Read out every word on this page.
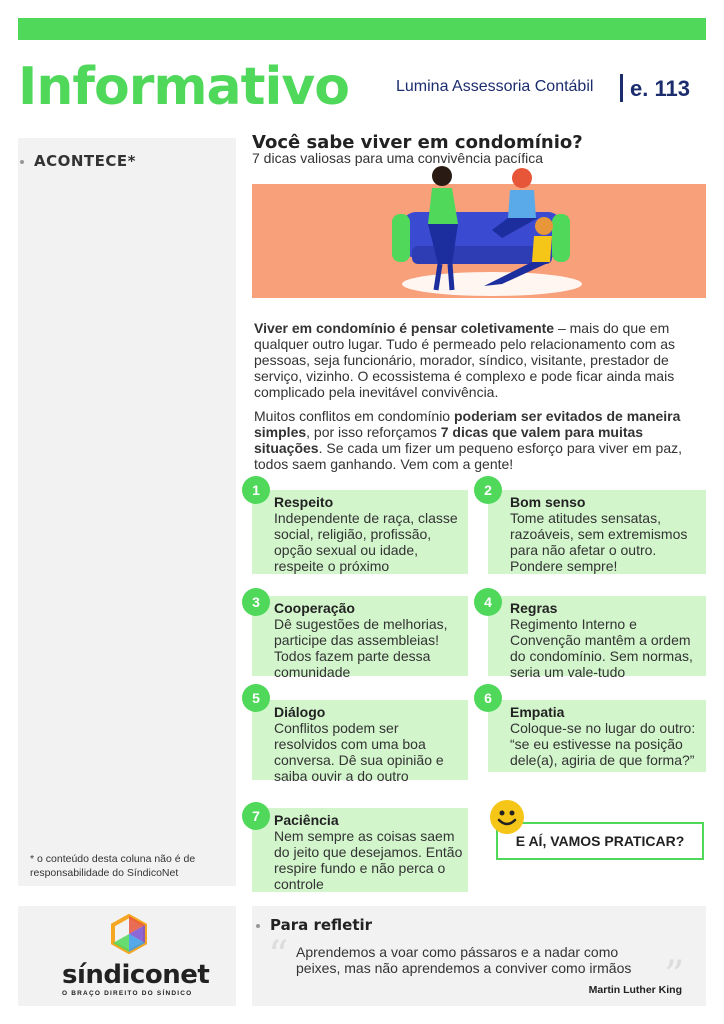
Informativo	Lumina Assessoria Contábil e. 113
ACONTECE*
* o conteúdo desta coluna não é de responsabilidade do SíndicoNet
Você sabe viver em condomínio?
7 dicas valiosas para uma convivência pacífica
Viver em condomínio é pensar coletivamente – mais do que em qualquer outro lugar. Tudo é permeado pelo relacionamento com as pessoas, seja funcionário, morador, síndico, visitante, prestador de serviço, vizinho. O ecossistema é complexo e pode ficar ainda mais complicado pela inevitável convivência.
Muitos conflitos em condomínio poderiam ser evitados de maneira simples, por isso reforçamos 7 dicas que valem para muitas situações. Se cada um fizer um pequeno esforço para viver em paz, todos saem ganhando. Vem com a gente!
Respeito
Independente de raça, classe social, religião, profissão, opção sexual ou idade, respeite o próximo
1
Bom senso
Tome atitudes sensatas, razoáveis, sem extremismos para não afetar o outro. Pondere sempre!
2
Cooperação
Dê sugestões de melhorias, participe das assembleias! Todos fazem parte dessa comunidade
3	Regras
Regimento Interno e Convenção mantêm a ordem do condomínio. Sem normas, seria um vale-tudo
4
Diálogo
Conflitos podem ser resolvidos com uma boa conversa. Dê sua opinião e saiba ouvir a do outro
5
Empatia
Coloque-se no lugar do outro: “se eu estivesse na posição dele(a), agiria de que forma?”
6
Paciência
Nem sempre as coisas saem do jeito que desejamos. Então respire fundo e não perca o controle
7
E AÍ, VAMOS PRATICAR?
síndiconet
O BRAÇO DIREITO DO SÍNDICO
Para refletir
“ Aprendemos a voar como pássaros e a nadar como peixes, mas não aprendemos a conviver como irmãos ”
Martin Luther King
